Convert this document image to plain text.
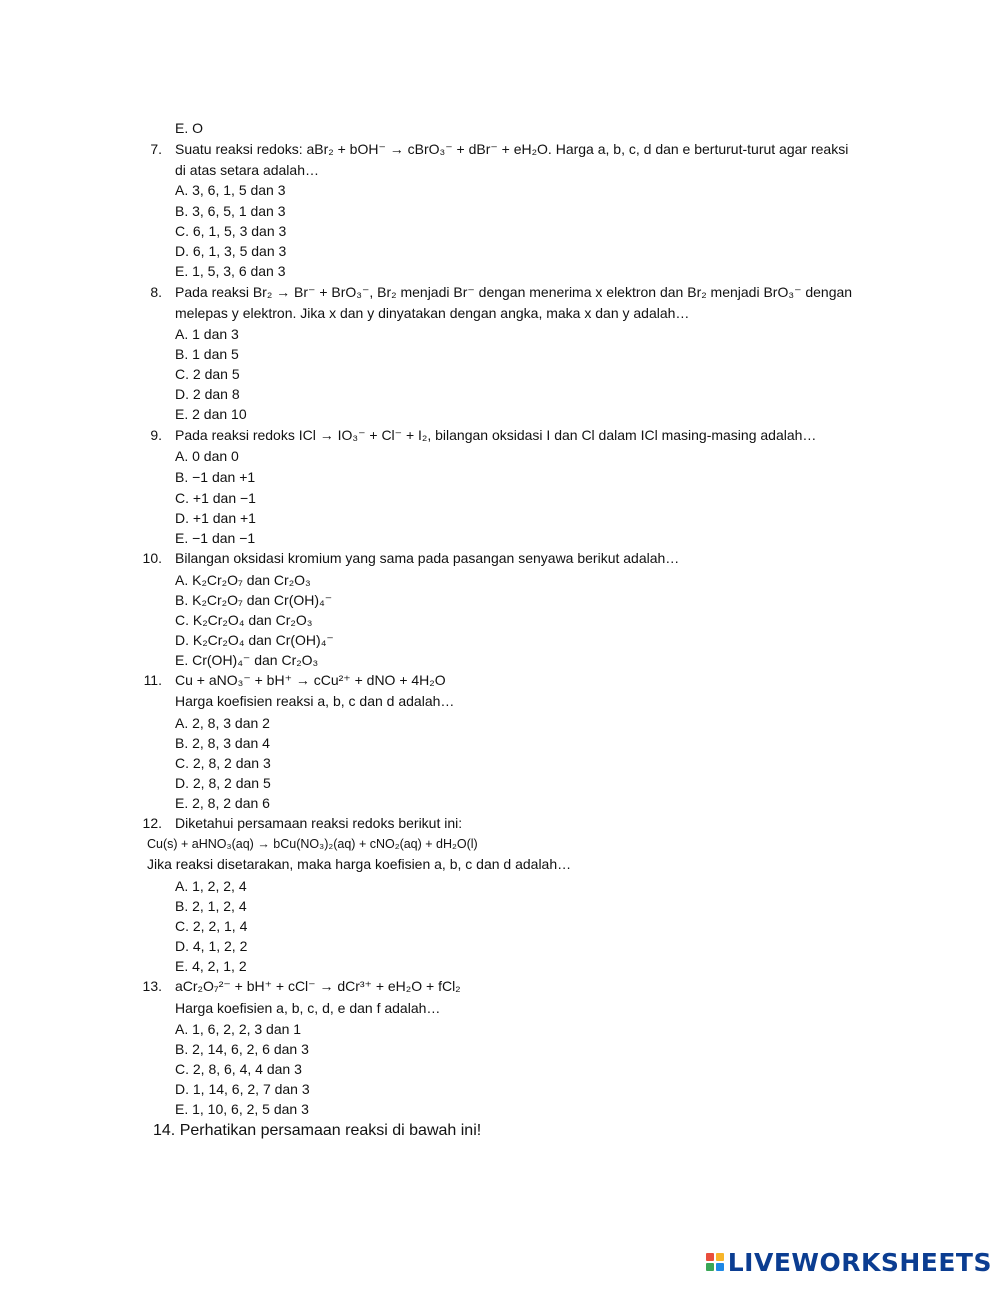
E. O
Suatu reaksi redoks: aBr₂ + bOH⁻ → cBrO₃⁻ + dBr⁻ + eH₂O. Harga a, b, c, d dan e berturut-turut agar reaksi
di atas setara adalah…
A. 3, 6, 1, 5 dan 3
B. 3, 6, 5, 1 dan 3
C. 6, 1, 5, 3 dan 3
D. 6, 1, 3, 5 dan 3
E. 1, 5, 3, 6 dan 3
Pada reaksi Br₂ → Br⁻ + BrO₃⁻, Br₂ menjadi Br⁻ dengan menerima x elektron dan Br₂ menjadi BrO₃⁻ dengan
melepas y elektron. Jika x dan y dinyatakan dengan angka, maka x dan y adalah…
A. 1 dan 3
B. 1 dan 5
C. 2 dan 5
D. 2 dan 8
E. 2 dan 10
Pada reaksi redoks ICl → IO₃⁻ + Cl⁻ + I₂, bilangan oksidasi I dan Cl dalam ICl masing-masing adalah…
A. 0 dan 0
B. −1 dan +1
C. +1 dan −1
D. +1 dan +1
E. −1 dan −1
Bilangan oksidasi kromium yang sama pada pasangan senyawa berikut adalah…
A. K₂Cr₂O₇ dan Cr₂O₃
B. K₂Cr₂O₇ dan Cr(OH)₄⁻
C. K₂Cr₂O₄ dan Cr₂O₃
D. K₂Cr₂O₄ dan Cr(OH)₄⁻
E. Cr(OH)₄⁻ dan Cr₂O₃
Cu + aNO₃⁻ + bH⁺ → cCu²⁺ + dNO + 4H₂O
Harga koefisien reaksi a, b, c dan d adalah…
A. 2, 8, 3 dan 2
B. 2, 8, 3 dan 4
C. 2, 8, 2 dan 3
D. 2, 8, 2 dan 5
E. 2, 8, 2 dan 6
Diketahui persamaan reaksi redoks berikut ini:
Cu(s) + aHNO₃(aq) → bCu(NO₃)₂(aq) + cNO₂(aq) + dH₂O(l)
Jika reaksi disetarakan, maka harga koefisien a, b, c dan d adalah…
A. 1, 2, 2, 4
B. 2, 1, 2, 4
C. 2, 2, 1, 4
D. 4, 1, 2, 2
E. 4, 2, 1, 2
aCr₂O₇²⁻ + bH⁺ + cCl⁻ → dCr³⁺ + eH₂O + fCl₂
Harga koefisien a, b, c, d, e dan f adalah…
A. 1, 6, 2, 2, 3 dan 1
B. 2, 14, 6, 2, 6 dan 3
C. 2, 8, 6, 4, 4 dan 3
D. 1, 14, 6, 2, 7 dan 3
E. 1, 10, 6, 2, 5 dan 3
7.
8.
9.
10.
11.
12.
13.
14. Perhatikan persamaan reaksi di bawah ini!
LIVEWORKSHEETS
